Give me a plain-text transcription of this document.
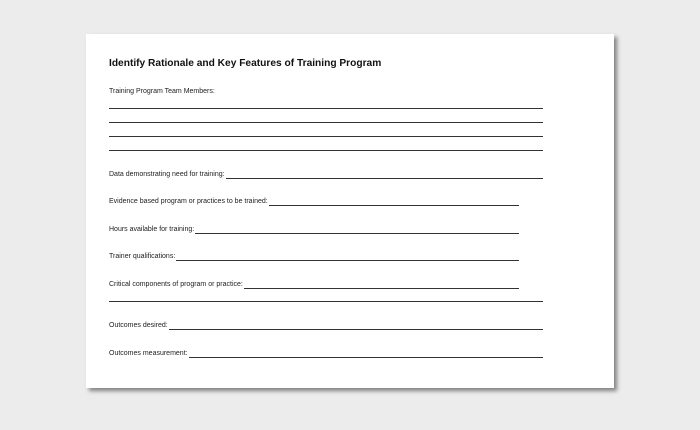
Identify Rationale and Key Features of Training Program
Training Program Team Members:
Data demonstrating need for training:
Evidence based program or practices to be trained:
Hours available for training:
Trainer qualifications:
Critical components of program or practice:
Outcomes desired:
Outcomes measurement:
